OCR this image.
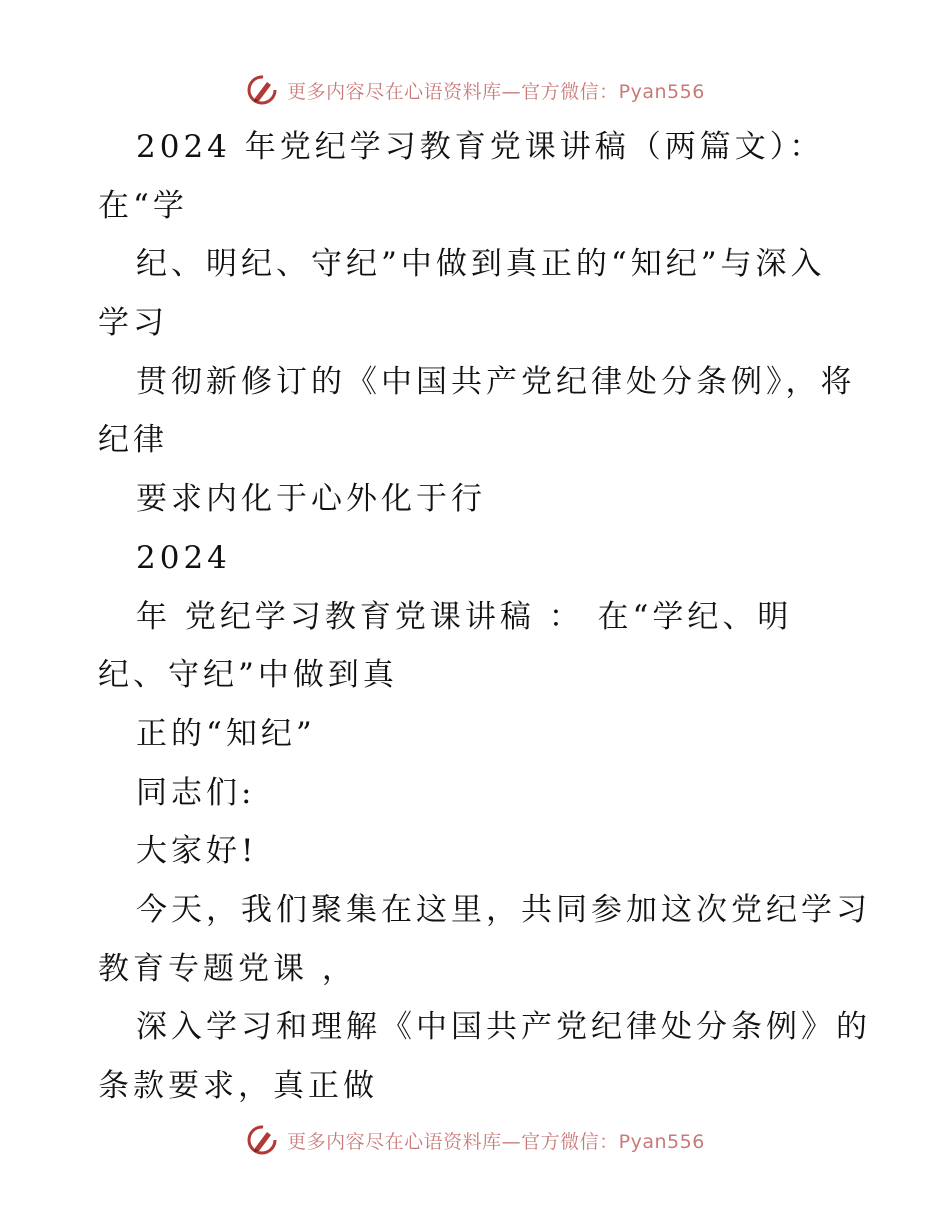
更多内容尽在心语资料库—官方微信：Pyan556
2024 年党纪学习教育党课讲稿（两篇文）：
在“学
纪、明纪、守纪”中做到真正的“知纪”与深入
学习
贯彻新修订的《中国共产党纪律处分条例》，将
纪律
要求内化于心外化于行
2024
年 党纪学习教育党课讲稿 ： 在“学纪、明
纪、守纪”中做到真
正的“知纪”
同志们:
大家好!
今天，我们聚集在这里，共同参加这次党纪学习
教育专题党课 ，
深入学习和理解《中国共产党纪律处分条例》的
条款要求，真正做
更多内容尽在心语资料库—官方微信：Pyan556
